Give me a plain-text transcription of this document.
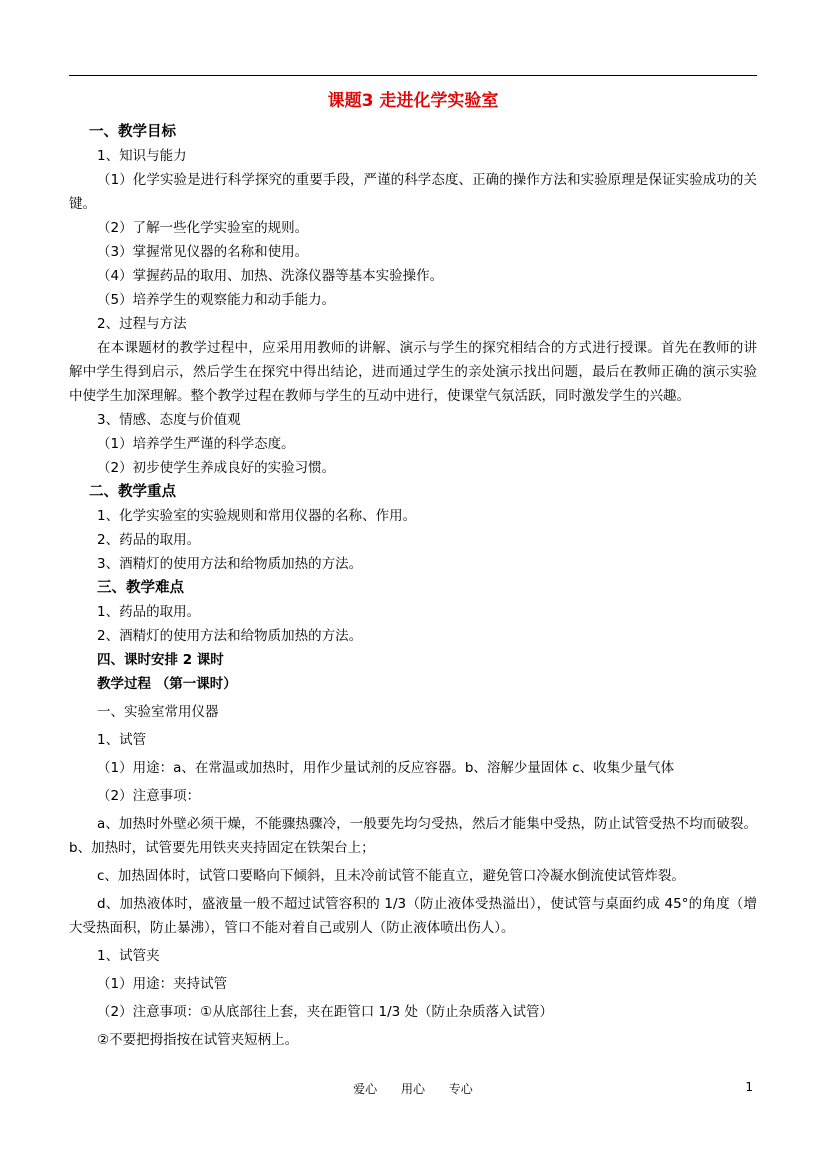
课题3 走进化学实验室
一、教学目标
1、知识与能力
（1）化学实验是进行科学探究的重要手段，严谨的科学态度、正确的操作方法和实验原理是保证实验成功的关键。
（2）了解一些化学实验室的规则。
（3）掌握常见仪器的名称和使用。
（4）掌握药品的取用、加热、洗涤仪器等基本实验操作。
（5）培养学生的观察能力和动手能力。
2、过程与方法
在本课题材的教学过程中，应采用用教师的讲解、演示与学生的探究相结合的方式进行授课。首先在教师的讲解中学生得到启示，然后学生在探究中得出结论，进而通过学生的亲处演示找出问题，最后在教师正确的演示实验中使学生加深理解。整个教学过程在教师与学生的互动中进行，使课堂气氛活跃，同时激发学生的兴趣。
3、情感、态度与价值观
（1）培养学生严谨的科学态度。
（2）初步使学生养成良好的实验习惯。
二、教学重点
1、化学实验室的实验规则和常用仪器的名称、作用。
2、药品的取用。
3、酒精灯的使用方法和给物质加热的方法。
三、教学难点
1、药品的取用。
2、酒精灯的使用方法和给物质加热的方法。
四、课时安排 2 课时
教学过程 （第一课时）
一、实验室常用仪器
1、试管
（1）用途：a、在常温或加热时，用作少量试剂的反应容器。b、溶解少量固体 c、收集少量气体
（2）注意事项：
a、加热时外壁必须干燥，不能骤热骤冷，一般要先均匀受热，然后才能集中受热，防止试管受热不均而破裂。b、加热时，试管要先用铁夹夹持固定在铁架台上；
c、加热固体时，试管口要略向下倾斜，且未冷前试管不能直立，避免管口冷凝水倒流使试管炸裂。
d、加热液体时，盛液量一般不超过试管容积的 1/3（防止液体受热溢出），使试管与桌面约成 45°的角度（增大受热面积，防止暴沸），管口不能对着自己或别人（防止液体喷出伤人）。
1、试管夹
（1）用途：夹持试管
（2）注意事项：①从底部往上套，夹在距管口 1/3 处（防止杂质落入试管）
②不要把拇指按在试管夹短柄上。
爱心 用心 专心	1
